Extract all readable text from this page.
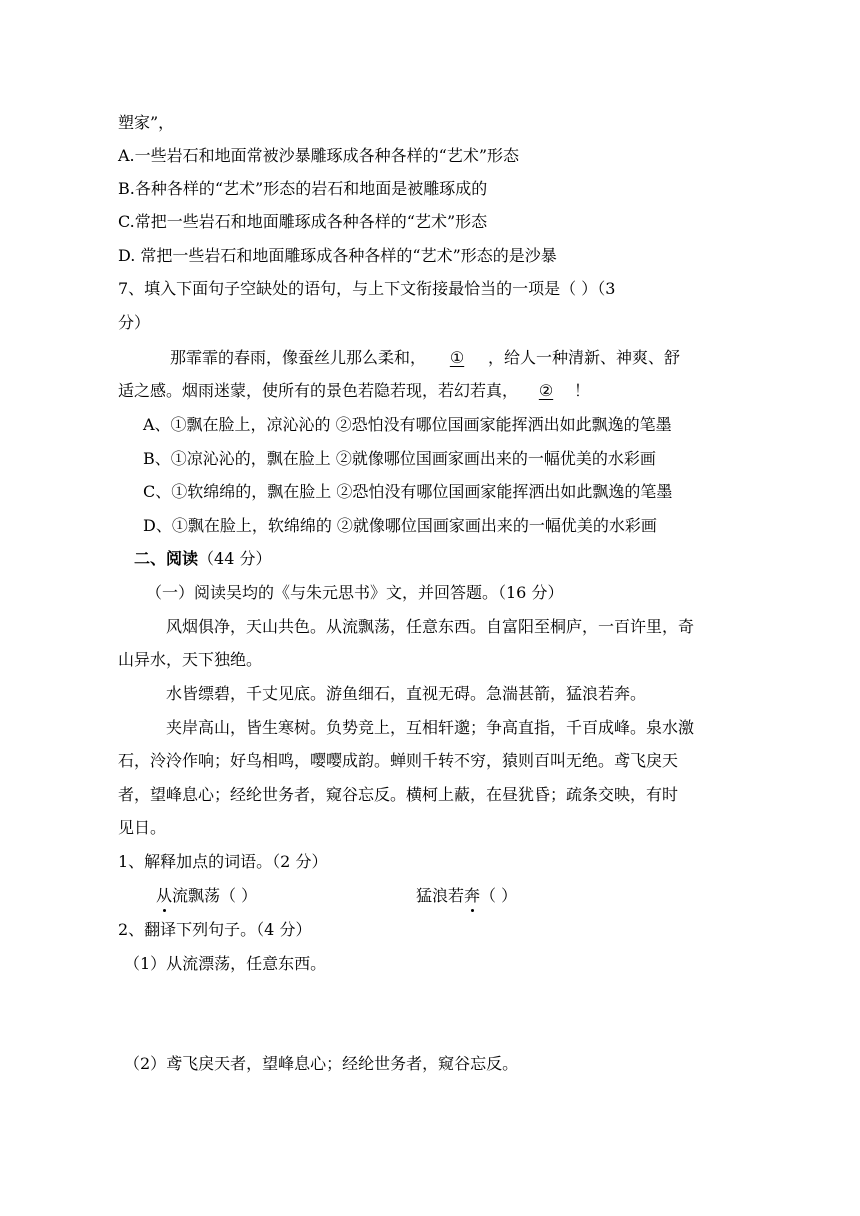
塑家”，
A.一些岩石和地面常被沙暴雕琢成各种各样的“艺术”形态
B.各种各样的“艺术”形态的岩石和地面是被雕琢成的
C.常把一些岩石和地面雕琢成各种各样的“艺术”形态
D. 常把一些岩石和地面雕琢成各种各样的“艺术”形态的是沙暴
7、填入下面句子空缺处的语句，与上下文衔接最恰当的一项是（ ）（3
分）
那霏霏的春雨，像蚕丝儿那么柔和，①，给人一种清新、神爽、舒
适之感。烟雨迷蒙，使所有的景色若隐若现，若幻若真，②！
A、①飘在脸上，凉沁沁的 ②恐怕没有哪位国画家能挥洒出如此飘逸的笔墨
B、①凉沁沁的，飘在脸上 ②就像哪位国画家画出来的一幅优美的水彩画
C、①软绵绵的，飘在脸上 ②恐怕没有哪位国画家能挥洒出如此飘逸的笔墨
D、①飘在脸上，软绵绵的 ②就像哪位国画家画出来的一幅优美的水彩画
二、阅读（44 分）
（一）阅读吴均的《与朱元思书》文，并回答题。（16 分）
风烟俱净，天山共色。从流飘荡，任意东西。自富阳至桐庐，一百许里，奇
山异水，天下独绝。
水皆缥碧，千丈见底。游鱼细石，直视无碍。急湍甚箭，猛浪若奔。
夹岸高山，皆生寒树。负势竞上，互相轩邈；争高直指，千百成峰。泉水激
石，泠泠作响；好鸟相鸣，嘤嘤成韵。蝉则千转不穷，猿则百叫无绝。鸢飞戾天
者，望峰息心；经纶世务者，窥谷忘反。横柯上蔽，在昼犹昏；疏条交映，有时
见日。
1、解释加点的词语。（2 分）
从流飘荡（ ）	猛浪若奔（ ）
2、翻译下列句子。（4 分）
（1）从流漂荡，任意东西。
（2）鸢飞戾天者，望峰息心；经纶世务者，窥谷忘反。
